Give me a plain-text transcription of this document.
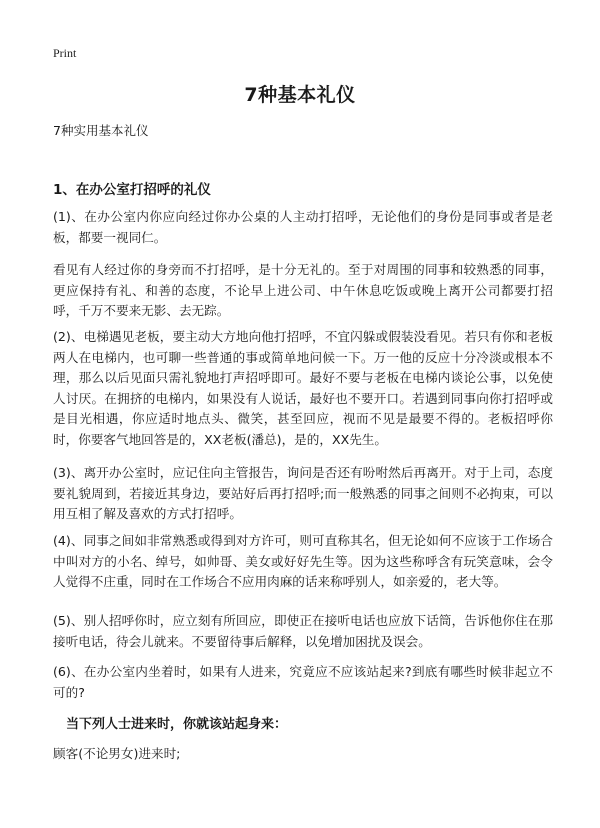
Print
7种基本礼仪
7种实用基本礼仪
1、在办公室打招呼的礼仪

(1)、在办公室内你应向经过你办公桌的人主动打招呼，无论他们的身份是同事或者是老板，都要一视同仁。

看见有人经过你的身旁而不打招呼，是十分无礼的。至于对周围的同事和较熟悉的同事，更应保持有礼、和善的态度，不论早上进公司、中午休息吃饭或晚上离开公司都要打招呼，千万不要来无影、去无踪。

(2)、电梯遇见老板，要主动大方地向他打招呼，不宜闪躲或假装没看见。若只有你和老板两人在电梯内，也可聊一些普通的事或简单地问候一下。万一他的反应十分冷淡或根本不理，那么以后见面只需礼貌地打声招呼即可。最好不要与老板在电梯内谈论公事，以免使人讨厌。在拥挤的电梯内，如果没有人说话，最好也不要开口。若遇到同事向你打招呼或是目光相遇，你应适时地点头、微笑，甚至回应，视而不见是最要不得的。老板招呼你时，你要客气地回答是的，XX老板(潘总)，是的，XX先生。

(3)、离开办公室时，应记住向主管报告，询问是否还有吩咐然后再离开。对于上司，态度要礼貌周到，若接近其身边，要站好后再打招呼;而一般熟悉的同事之间则不必拘束，可以用互相了解及喜欢的方式打招呼。

(4)、同事之间如非常熟悉或得到对方许可，则可直称其名，但无论如何不应该于工作场合中叫对方的小名、绰号，如帅哥、美女或好好先生等。因为这些称呼含有玩笑意味，会令人觉得不庄重，同时在工作场合不应用肉麻的话来称呼别人，如亲爱的，老大等。

(5)、别人招呼你时，应立刻有所回应，即使正在接听电话也应放下话筒，告诉他你住在那接听电话，待会儿就来。不要留待事后解释，以免增加困扰及误会。

(6)、在办公室内坐着时，如果有人进来，究竟应不应该站起来?到底有哪些时候非起立不可的?

当下列人士进来时，你就该站起身来：

顾客(不论男女)进来时;
